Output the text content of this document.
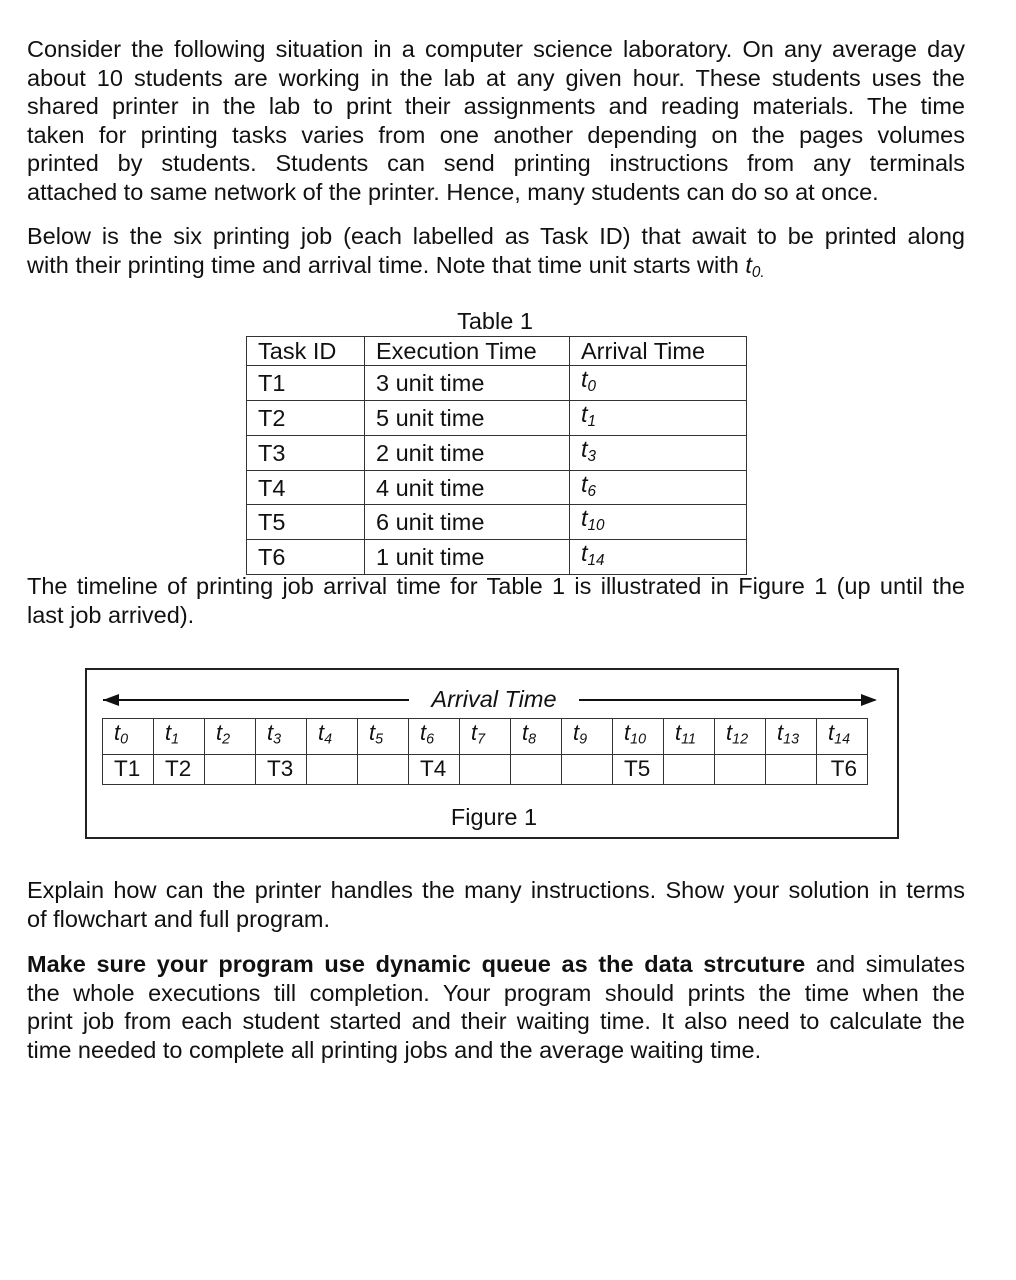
Consider the following situation in a computer science laboratory. On any average day
about 10 students are working in the lab at any given hour. These students uses the
shared printer in the lab to print their assignments and reading materials. The time
taken for printing tasks varies from one another depending on the pages volumes
printed by students. Students can send printing instructions from any terminals
attached to same network of the printer. Hence, many students can do so at once.
Below is the six printing job (each labelled as Task ID) that await to be printed along
with their printing time and arrival time. Note that time unit starts with $t_{0.}$
Table 1
Task ID	Execution Time	Arrival Time
T1	3 unit time	$t_0$
T2	5 unit time	$t_1$
T3	2 unit time	$t_3$
T4	4 unit time	$t_6$
T5	6 unit time	$t_{10}$
T6	1 unit time	$t_{14}$
The timeline of printing job arrival time for Table 1 is illustrated in Figure 1 (up until the
last job arrived).
Arrival Time
$t_0$	$t_1$	$t_2$	$t_3$	$t_4$	$t_5$	$t_6$	$t_7$	$t_8$	$t_9$	$t_{10}$	$t_{11}$	$t_{12}$	$t_{13}$	$t_{14}$
T1	T2		T3			T4				T5				T6
Figure 1
Explain how can the printer handles the many instructions. Show your solution in terms
of flowchart and full program.
Make sure your program use dynamic queue as the data strcuture and simulates
the whole executions till completion. Your program should prints the time when the
print job from each student started and their waiting time. It also need to calculate the
time needed to complete all printing jobs and the average waiting time.
